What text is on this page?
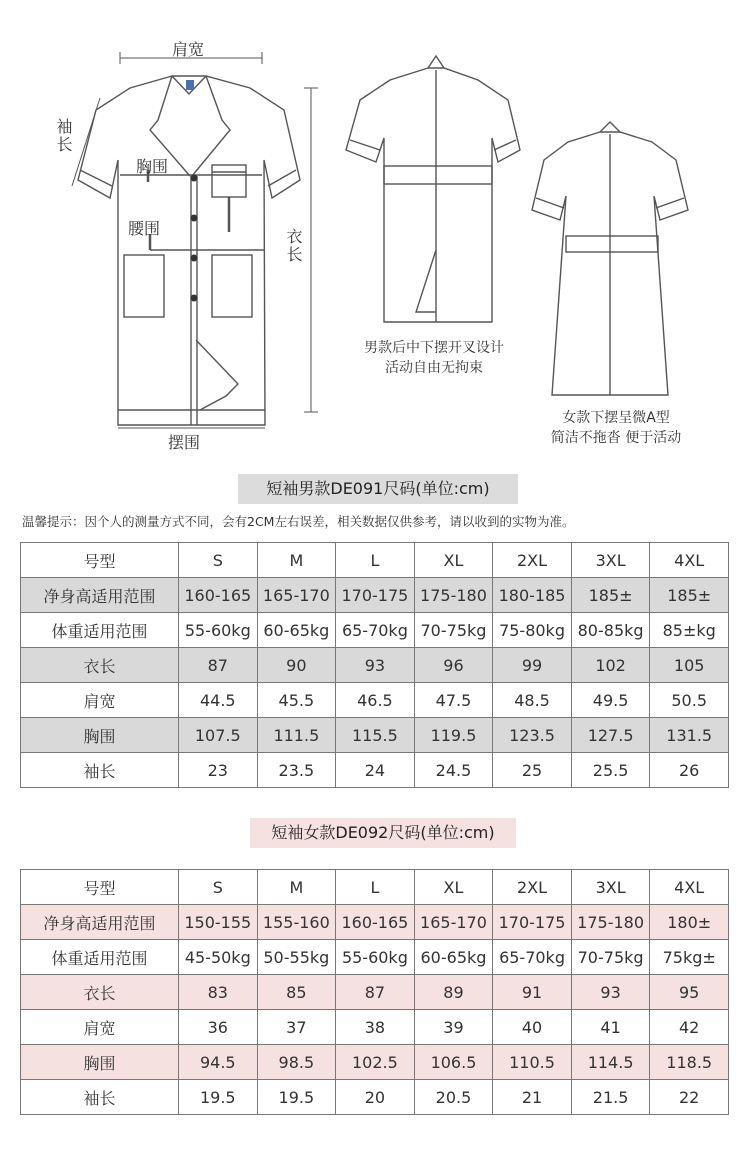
肩宽
袖长
胸围
腰围	衣长
摆围
男款后中下摆开叉设计
活动自由无拘束
女款下摆呈微A型
简洁不拖沓 便于活动
短袖男款DE091尺码(单位:cm)
温馨提示：因个人的测量方式不同，会有2CM左右误差，相关数据仅供参考，请以收到的实物为准。
号型	S	M	L	XL	2XL	3XL	4XL
净身高适用范围	160-165	165-170	170-175	175-180	180-185	185±	185±
体重适用范围	55-60kg	60-65kg	65-70kg	70-75kg	75-80kg	80-85kg	85±kg
衣长	87	90	93	96	99	102	105
肩宽	44.5	45.5	46.5	47.5	48.5	49.5	50.5
胸围	107.5	111.5	115.5	119.5	123.5	127.5	131.5
袖长	23	23.5	24	24.5	25	25.5	26
短袖女款DE092尺码(单位:cm)
号型	S	M	L	XL	2XL	3XL	4XL
净身高适用范围	150-155	155-160	160-165	165-170	170-175	175-180	180±
体重适用范围	45-50kg	50-55kg	55-60kg	60-65kg	65-70kg	70-75kg	75kg±
衣长	83	85	87	89	91	93	95
肩宽	36	37	38	39	40	41	42
胸围	94.5	98.5	102.5	106.5	110.5	114.5	118.5
袖长	19.5	19.5	20	20.5	21	21.5	22
